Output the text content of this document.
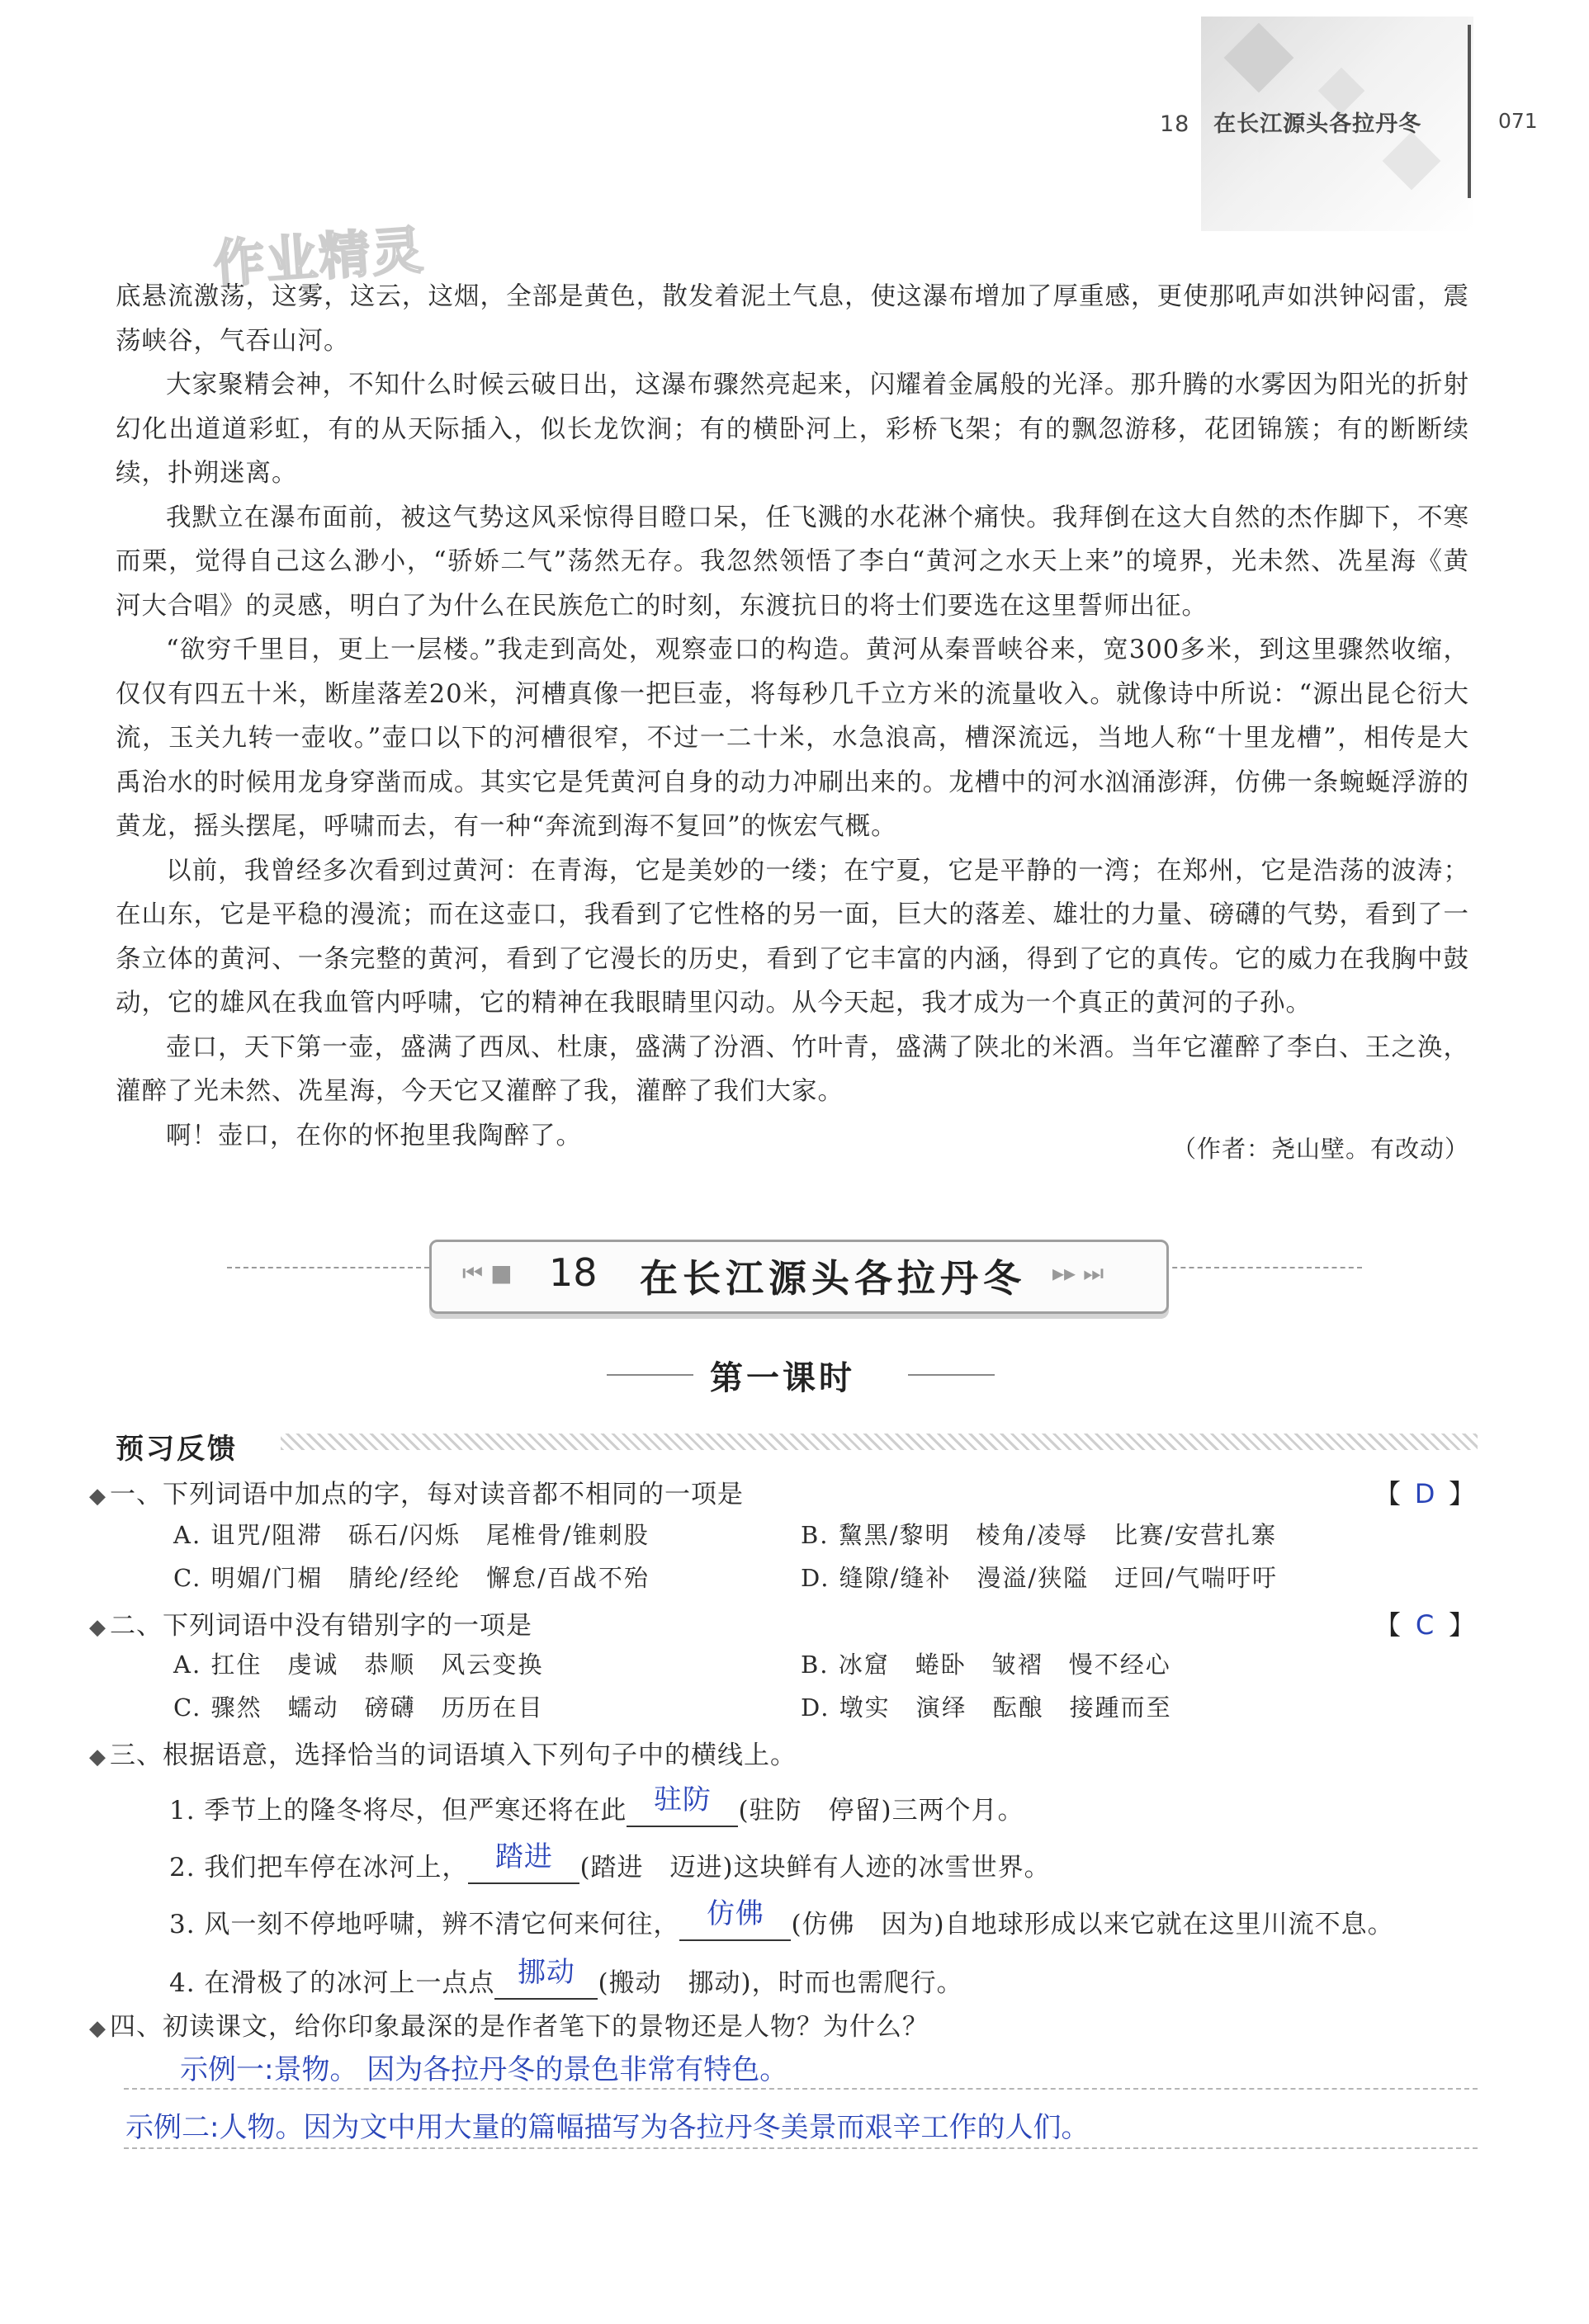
18 在长江源头各拉丹冬	071
作业精灵

底悬流激荡，这雾，这云，这烟，全部是黄色，散发着泥土气息，使这瀑布增加了厚重感，更使那吼声如洪钟闷雷，震荡峡谷，气吞山河。

大家聚精会神，不知什么时候云破日出，这瀑布骤然亮起来，闪耀着金属般的光泽。那升腾的水雾因为阳光的折射幻化出道道彩虹，有的从天际插入，似长龙饮涧；有的横卧河上，彩桥飞架；有的飘忽游移，花团锦簇；有的断断续续，扑朔迷离。

我默立在瀑布面前，被这气势这风采惊得目瞪口呆，任飞溅的水花淋个痛快。我拜倒在这大自然的杰作脚下，不寒而栗，觉得自己这么渺小，“骄娇二气”荡然无存。我忽然领悟了李白“黄河之水天上来”的境界，光未然、冼星海《黄河大合唱》的灵感，明白了为什么在民族危亡的时刻，东渡抗日的将士们要选在这里誓师出征。

“欲穷千里目，更上一层楼。”我走到高处，观察壶口的构造。黄河从秦晋峡谷来，宽300多米，到这里骤然收缩，仅仅有四五十米，断崖落差20米，河槽真像一把巨壶，将每秒几千立方米的流量收入。就像诗中所说：“源出昆仑衍大流，玉关九转一壶收。”壶口以下的河槽很窄，不过一二十米，水急浪高，槽深流远，当地人称“十里龙槽”，相传是大禹治水的时候用龙身穿凿而成。其实它是凭黄河自身的动力冲刷出来的。龙槽中的河水汹涌澎湃，仿佛一条蜿蜒浮游的黄龙，摇头摆尾，呼啸而去，有一种“奔流到海不复回”的恢宏气概。

以前，我曾经多次看到过黄河：在青海，它是美妙的一缕；在宁夏，它是平静的一湾；在郑州，它是浩荡的波涛；在山东，它是平稳的漫流；而在这壶口，我看到了它性格的另一面，巨大的落差、雄壮的力量、磅礴的气势，看到了一条立体的黄河、一条完整的黄河，看到了它漫长的历史，看到了它丰富的内涵，得到了它的真传。它的威力在我胸中鼓动，它的雄风在我血管内呼啸，它的精神在我眼睛里闪动。从今天起，我才成为一个真正的黄河的子孙。

壶口，天下第一壶，盛满了西凤、杜康，盛满了汾酒、竹叶青，盛满了陕北的米酒。当年它灌醉了李白、王之涣，灌醉了光未然、冼星海，今天它又灌醉了我，灌醉了我们大家。

啊！壶口，在你的怀抱里我陶醉了。	（作者：尧山壁。有改动）
⏮ ■ 18 在长江源头各拉丹冬 ▸▸ ⏭
第一课时
预习反馈
◆ 一、下列词语中加点的字，每对读音都不相同的一项是	【 D 】
A. 诅咒/阻滞　砾石/闪烁　尾椎骨/锥刺股	B. 黧黑/黎明　棱角/凌辱　比赛/安营扎寨
C. 明媚/门楣　腈纶/经纶　懈怠/百战不殆	D. 缝隙/缝补　漫溢/狭隘　迂回/气喘吁吁
◆ 二、下列词语中没有错别字的一项是	【 C 】
A. 扛住　虔诚　恭顺　风云变换	B. 冰窟　蜷卧　皱褶　慢不经心
C. 骤然　蠕动　磅礴　历历在目	D. 墩实　演绎　酝酿　接踵而至
◆ 三、根据语意，选择恰当的词语填入下列句子中的横线上。
1. 季节上的隆冬将尽，但严寒还将在此 驻防	(驻防　停留)三两个月。
2. 我们把车停在冰河上， 踏进	(踏进　迈进)这块鲜有人迹的冰雪世界。
3. 风一刻不停地呼啸，辨不清它何来何往， 仿佛	(仿佛　因为)自地球形成以来它就在这里川流不息。
4. 在滑极了的冰河上一点点 挪动 (搬动　挪动)，时而也需爬行。
◆ 四、初读课文，给你印象最深的是作者笔下的景物还是人物？为什么？
示例一:景物。 因为各拉丹冬的景色非常有特色。
示例二:人物。因为文中用大量的篇幅描写为各拉丹冬美景而艰辛工作的人们。
